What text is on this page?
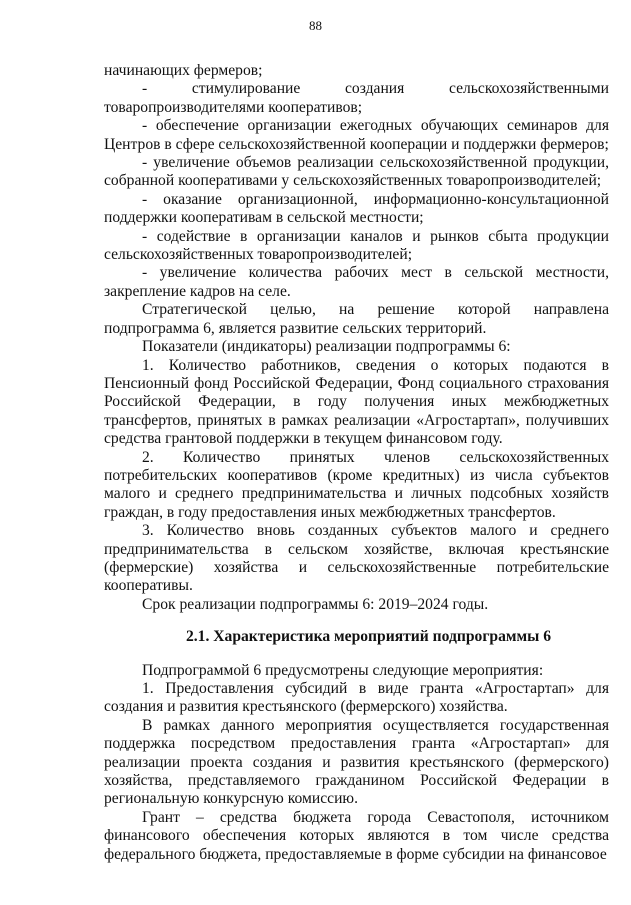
88

начинающих фермеров;

- стимулирование создания сельскохозяйственными товаропроизводителями кооперативов;

- обеспечение организации ежегодных обучающих семинаров для Центров в сфере сельскохозяйственной кооперации и поддержки фермеров;

- увеличение объемов реализации сельскохозяйственной продукции, собранной кооперативами у сельскохозяйственных товаропроизводителей;

- оказание организационной, информационно-консультационной поддержки кооперативам в сельской местности;

- содействие в организации каналов и рынков сбыта продукции сельскохозяйственных товаропроизводителей;

- увеличение количества рабочих мест в сельской местности, закрепление кадров на селе.

Стратегической целью, на решение которой направлена подпрограмма 6, является развитие сельских территорий.

Показатели (индикаторы) реализации подпрограммы 6:

1. Количество работников, сведения о которых подаются в Пенсионный фонд Российской Федерации, Фонд социального страхования Российской Федерации, в году получения иных межбюджетных трансфертов, принятых в рамках реализации «Агростартап», получивших средства грантовой поддержки в текущем финансовом году.

2. Количество принятых членов сельскохозяйственных потребительских кооперативов (кроме кредитных) из числа субъектов малого и среднего предпринимательства и личных подсобных хозяйств граждан, в году предоставления иных межбюджетных трансфертов.

3. Количество вновь созданных субъектов малого и среднего предпринимательства в сельском хозяйстве, включая крестьянские (фермерские) хозяйства и сельскохозяйственные потребительские кооперативы.

Срок реализации подпрограммы 6: 2019–2024 годы.

2.1. Характеристика мероприятий подпрограммы 6

Подпрограммой 6 предусмотрены следующие мероприятия:

1. Предоставления субсидий в виде гранта «Агростартап» для создания и развития крестьянского (фермерского) хозяйства.

В рамках данного мероприятия осуществляется государственная поддержка посредством предоставления гранта «Агростартап» для реализации проекта создания и развития крестьянского (фермерского) хозяйства, представляемого гражданином Российской Федерации в региональную конкурсную комиссию.

Грант – средства бюджета города Севастополя, источником финансового обеспечения которых являются в том числе средства федерального бюджета, предоставляемые в форме субсидии на финансовое
